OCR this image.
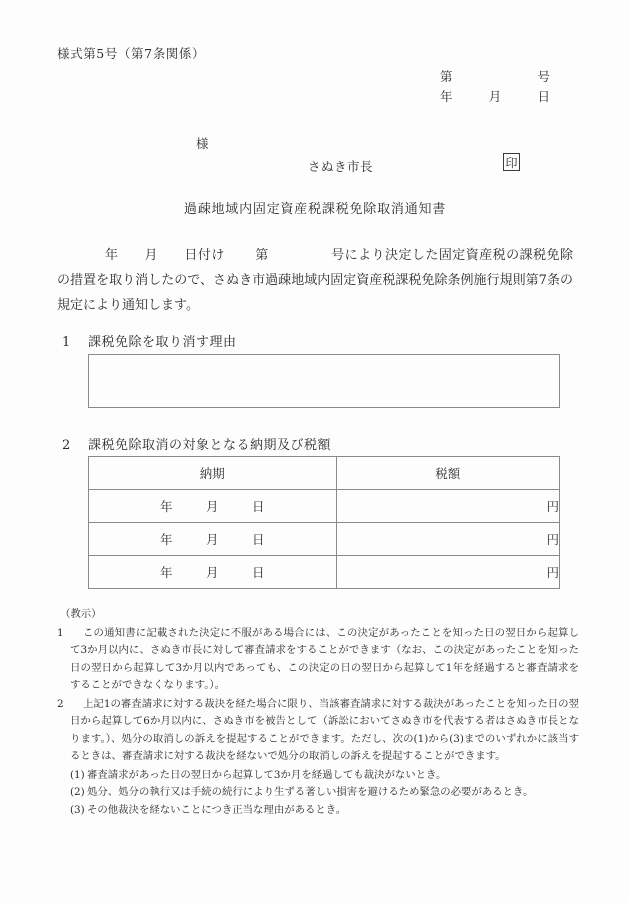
様式第5号（第7条関係）
第	号
年	月	日
様
さぬき市長	印
過疎地域内固定資産税課税免除取消通知書
年 月 日付け 第	号により決定した固定資産税の課税免除の措置を取り消したので、さぬき市過疎地域内固定資産税課税免除条例施行規則第7条の規定により通知します。
1 課税免除を取り消す理由
2 課税免除取消の対象となる納期及び税額
納期	税額
年 月 日	円
年 月 日	円
年 月 日	円
（教示）
1	この通知書に記載された決定に不服がある場合には、この決定があったことを知った日の翌日から起算して3か月以内に、さぬき市長に対して審査請求をすることができます（なお、この決定があったことを知った日の翌日から起算して3か月以内であっても、この決定の日の翌日から起算して1年を経過すると審査請求をすることができなくなります。）。
2	上記1の審査請求に対する裁決を経た場合に限り、当該審査請求に対する裁決があったことを知った日の翌日から起算して6か月以内に、さぬき市を被告として（訴訟においてさぬき市を代表する者はさぬき市長となります。）、処分の取消しの訴えを提起することができます。ただし、次の(1)から(3)までのいずれかに該当するときは、審査請求に対する裁決を経ないで処分の取消しの訴えを提起することができます。
(1) 審査請求があった日の翌日から起算して3か月を経過しても裁決がないとき。
(2) 処分、処分の執行又は手続の続行により生ずる著しい損害を避けるため緊急の必要があるとき。
(3) その他裁決を経ないことにつき正当な理由があるとき。
